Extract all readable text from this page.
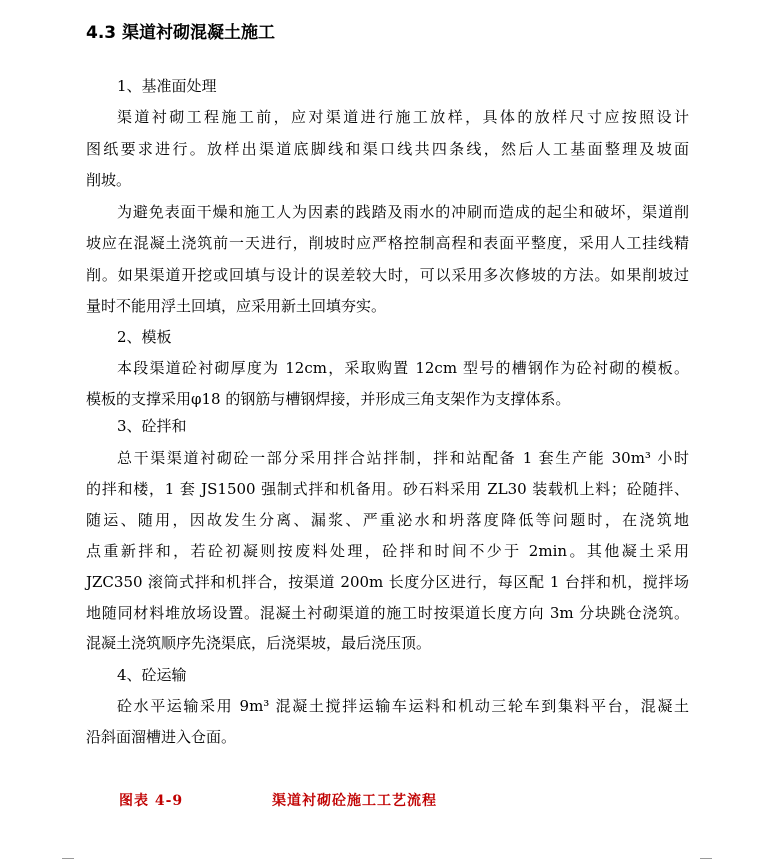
4.3 渠道衬砌混凝土施工
1、基准面处理
渠道衬砌工程施工前，应对渠道进行施工放样，具体的放样尺寸应按照设计
图纸要求进行。放样出渠道底脚线和渠口线共四条线，然后人工基面整理及坡面
削坡。
为避免表面干燥和施工人为因素的践踏及雨水的冲刷而造成的起尘和破坏，渠道削
坡应在混凝土浇筑前一天进行，削坡时应严格控制高程和表面平整度，采用人工挂线精
削。如果渠道开挖或回填与设计的误差较大时，可以采用多次修坡的方法。如果削坡过
量时不能用浮土回填，应采用新土回填夯实。
2、模板
本段渠道砼衬砌厚度为 12cm，采取购置 12cm 型号的槽钢作为砼衬砌的模板。
模板的支撑采用φ18 的钢筋与槽钢焊接，并形成三角支架作为支撑体系。
3、砼拌和
总干渠渠道衬砌砼一部分采用拌合站拌制，拌和站配备 1 套生产能 30m³ 小时
的拌和楼，1 套 JS1500 强制式拌和机备用。砂石料采用 ZL30 装载机上料；砼随拌、
随运、随用，因故发生分离、漏浆、严重泌水和坍落度降低等问题时，在浇筑地
点重新拌和，若砼初凝则按废料处理，砼拌和时间不少于 2min。其他凝土采用
JZC350 滚筒式拌和机拌合，按渠道 200m 长度分区进行，每区配 1 台拌和机，搅拌场
地随同材料堆放场设置。混凝土衬砌渠道的施工时按渠道长度方向 3m 分块跳仓浇筑。
混凝土浇筑顺序先浇渠底，后浇渠坡，最后浇压顶。
4、砼运输
砼水平运输采用 9m³ 混凝土搅拌运输车运料和机动三轮车到集料平台，混凝土
沿斜面溜槽进入仓面。
图表 4-9	渠道衬砌砼施工工艺流程
